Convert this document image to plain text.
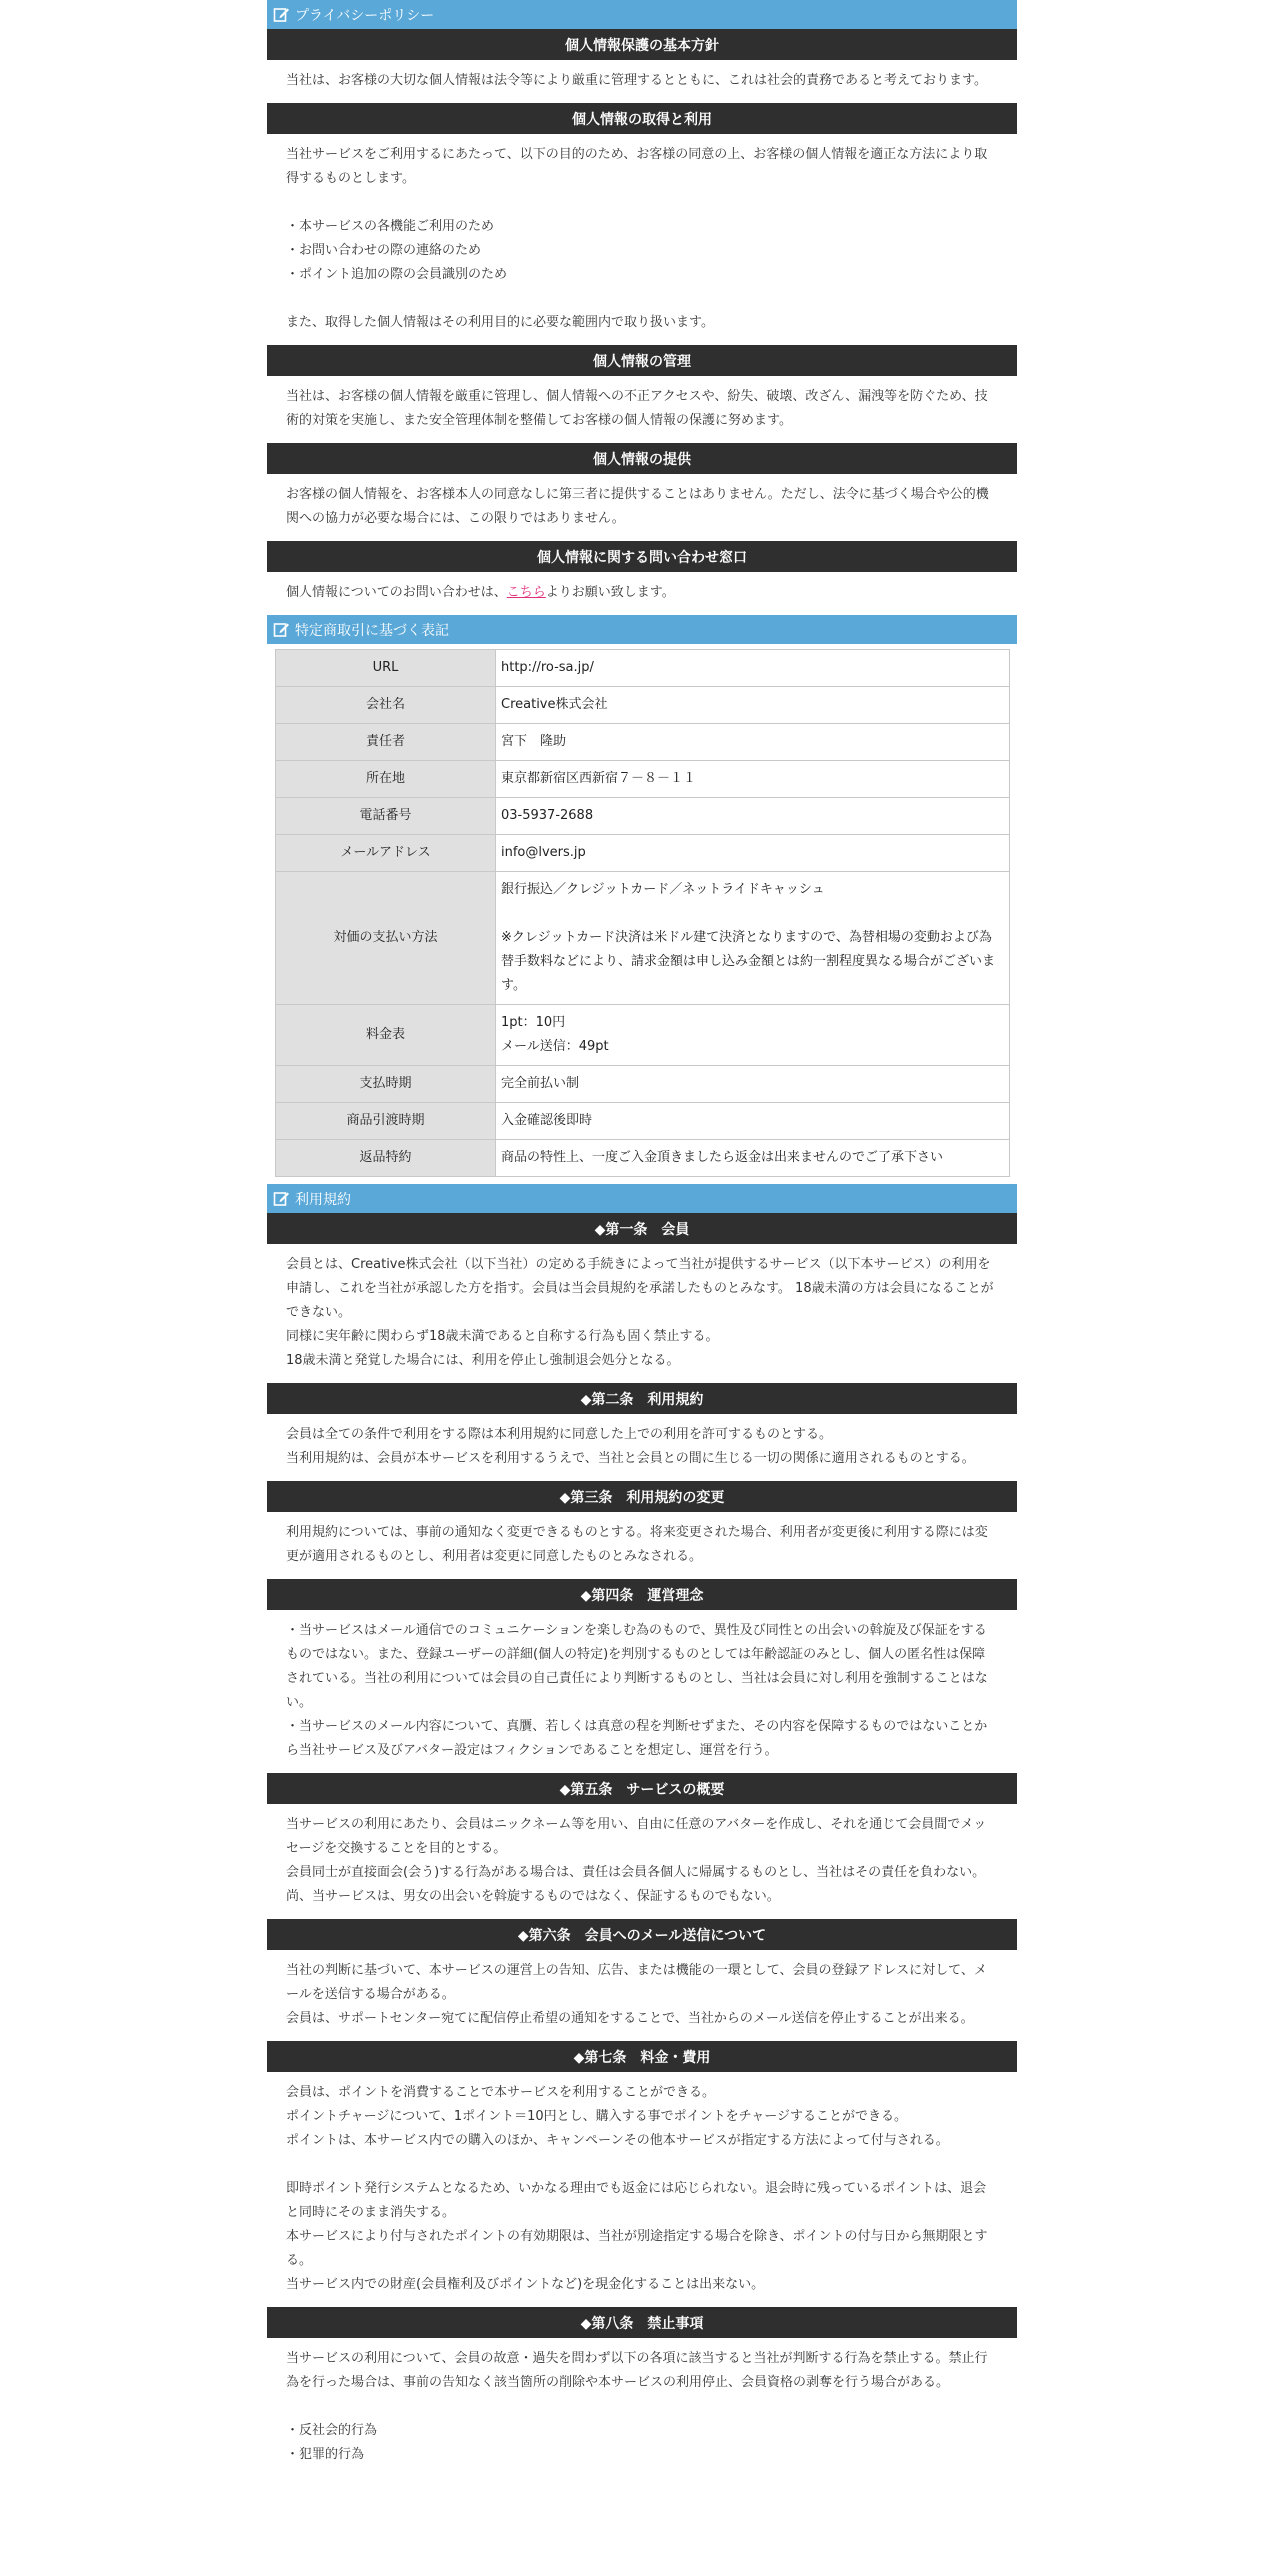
プライバシーポリシー
個人情報保護の基本方針

当社は、お客様の大切な個人情報は法令等により厳重に管理するとともに、これは社会的責務であると考えております。

個人情報の取得と利用

当社サービスをご利用するにあたって、以下の目的のため、お客様の同意の上、お客様の個人情報を適正な方法により取得するものとします。

・本サービスの各機能ご利用のため

・お問い合わせの際の連絡のため

・ポイント追加の際の会員識別のため

また、取得した個人情報はその利用目的に必要な範囲内で取り扱います。

個人情報の管理

当社は、お客様の個人情報を厳重に管理し、個人情報への不正アクセスや、紛失、破壊、改ざん、漏洩等を防ぐため、技術的対策を実施し、また安全管理体制を整備してお客様の個人情報の保護に努めます。

個人情報の提供

お客様の個人情報を、お客様本人の同意なしに第三者に提供することはありません。ただし、法令に基づく場合や公的機関への協力が必要な場合には、この限りではありません。

個人情報に関する問い合わせ窓口
個人情報についてのお問い合わせは、こちらよりお願い致します。
特定商取引に基づく表記
URL	http://ro-sa.jp/

会社名	Creative株式会社

責任者	宮下　隆助

所在地	東京都新宿区西新宿７－８－１１

電話番号	03-5937-2688

メールアドレス	info@lvers.jp

対価の支払い方法	銀行振込／クレジットカード／ネットライドキャッシュ

※クレジットカード決済は米ドル建て決済となりますので、為替相場の変動および為替手数料などにより、請求金額は申し込み金額とは約一割程度異なる場合がございます。

料金表	1pt：10円

メール送信：49pt

支払時期	完全前払い制

商品引渡時期	入金確認後即時

返品特約	商品の特性上、一度ご入金頂きましたら返金は出来ませんのでご了承下さい

利用規約
◆第一条　会員

会員とは、Creative株式会社（以下当社）の定める手続きによって当社が提供するサービス（以下本サービス）の利用を申請し、これを当社が承認した方を指す。会員は当会員規約を承諾したものとみなす。 18歳未満の方は会員になることができない。

同様に実年齢に関わらず18歳未満であると自称する行為も固く禁止する。

18歳未満と発覚した場合には、利用を停止し強制退会処分となる。

◆第二条　利用規約

会員は全ての条件で利用をする際は本利用規約に同意した上での利用を許可するものとする。

当利用規約は、会員が本サービスを利用するうえで、当社と会員との間に生じる一切の関係に適用されるものとする。

◆第三条　利用規約の変更

利用規約については、事前の通知なく変更できるものとする。将来変更された場合、利用者が変更後に利用する際には変更が適用されるものとし、利用者は変更に同意したものとみなされる。

◆第四条　運営理念

・当サービスはメール通信でのコミュニケーションを楽しむ為のもので、異性及び同性との出会いの斡旋及び保証をするものではない。また、登録ユーザーの詳細(個人の特定)を判別するものとしては年齢認証のみとし、個人の匿名性は保障されている。当社の利用については会員の自己責任により判断するものとし、当社は会員に対し利用を強制することはない。

・当サービスのメール内容について、真贋、若しくは真意の程を判断せずまた、その内容を保障するものではないことから当社サービス及びアバター設定はフィクションであることを想定し、運営を行う。

◆第五条　サービスの概要

当サービスの利用にあたり、会員はニックネーム等を用い、自由に任意のアバターを作成し、それを通じて会員間でメッセージを交換することを目的とする。

会員同士が直接面会(会う)する行為がある場合は、責任は会員各個人に帰属するものとし、当社はその責任を負わない。

尚、当サービスは、男女の出会いを斡旋するものではなく、保証するものでもない。

◆第六条　会員へのメール送信について

当社の判断に基づいて、本サービスの運営上の告知、広告、または機能の一環として、会員の登録アドレスに対して、メールを送信する場合がある。

会員は、サポートセンター宛てに配信停止希望の通知をすることで、当社からのメール送信を停止することが出来る。

◆第七条　料金・費用

会員は、ポイントを消費することで本サービスを利用することができる。

ポイントチャージについて、1ポイント＝10円とし、購入する事でポイントをチャージすることができる。

ポイントは、本サービス内での購入のほか、キャンペーンその他本サービスが指定する方法によって付与される。

即時ポイント発行システムとなるため、いかなる理由でも返金には応じられない。退会時に残っているポイントは、退会と同時にそのまま消失する。

本サービスにより付与されたポイントの有効期限は、当社が別途指定する場合を除き、ポイントの付与日から無期限とする。

当サービス内での財産(会員権利及びポイントなど)を現金化することは出来ない。

◆第八条　禁止事項

当サービスの利用について、会員の故意・過失を問わず以下の各項に該当すると当社が判断する行為を禁止する。禁止行為を行った場合は、事前の告知なく該当箇所の削除や本サービスの利用停止、会員資格の剥奪を行う場合がある。

・反社会的行為

・犯罪的行為
